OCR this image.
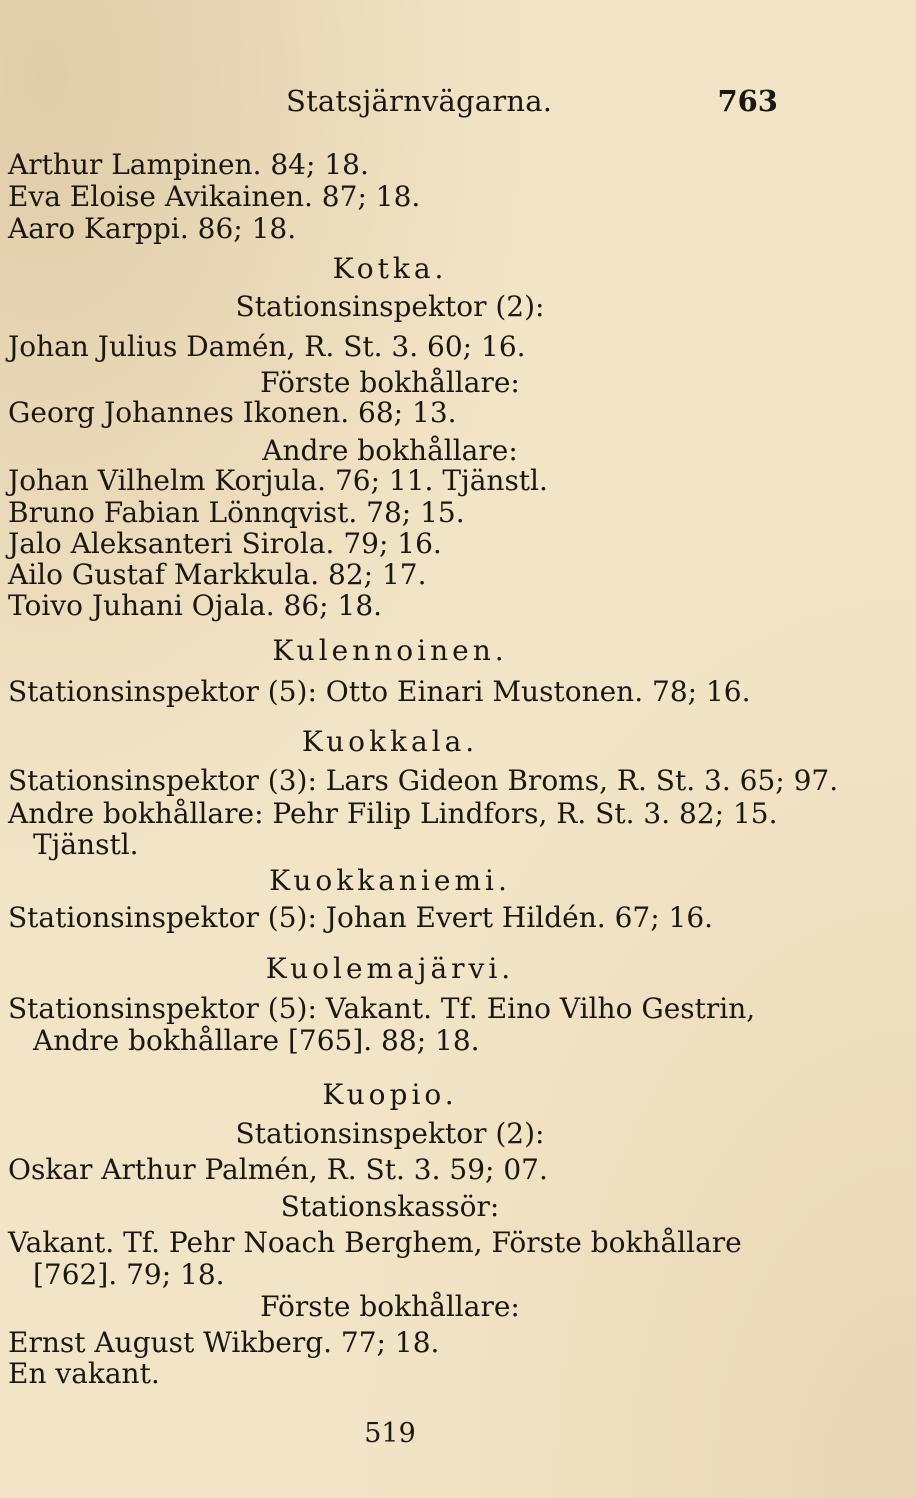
Statsjärnvägarna.	763
Arthur Lampinen. 84; 18.
Eva Eloise Avikainen. 87; 18.
Aaro Karppi. 86; 18.
Kotka.
Stationsinspektor (2):
Johan Julius Damén, R. St. 3. 60; 16.
Förste bokhållare:
Georg Johannes Ikonen. 68; 13.
Andre bokhållare:
Johan Vilhelm Korjula. 76; 11. Tjänstl.
Bruno Fabian Lönnqvist. 78; 15.
Jalo Aleksanteri Sirola. 79; 16.
Ailo Gustaf Markkula. 82; 17.
Toivo Juhani Ojala. 86; 18.
Kulennoinen.
Stationsinspektor (5): Otto Einari Mustonen. 78; 16.
Kuokkala.
Stationsinspektor (3): Lars Gideon Broms, R. St. 3. 65; 97.
Andre bokhållare: Pehr Filip Lindfors, R. St. 3. 82; 15.
Tjänstl.
Kuokkaniemi.
Stationsinspektor (5): Johan Evert Hildén. 67; 16.
Kuolemajärvi.
Stationsinspektor (5): Vakant. Tf. Eino Vilho Gestrin,
Andre bokhållare [765]. 88; 18.
Kuopio.
Stationsinspektor (2):
Oskar Arthur Palmén, R. St. 3. 59; 07.
Stationskassör:
Vakant. Tf. Pehr Noach Berghem, Förste bokhållare
[762]. 79; 18.
Förste bokhållare:
Ernst August Wikberg. 77; 18.
En vakant.
519
